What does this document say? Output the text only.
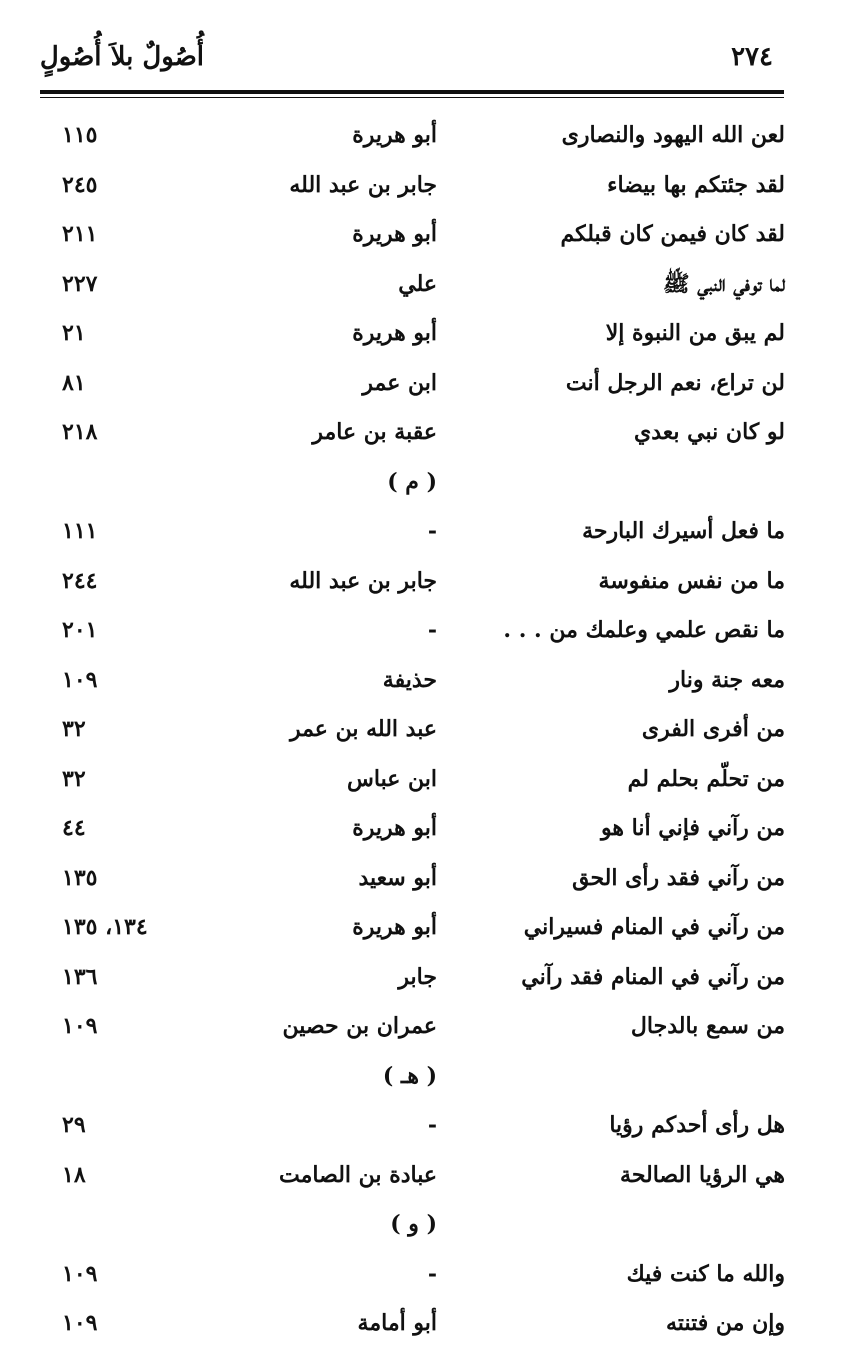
أُصُولٌ بلاَ أُصُولٍ	٢٧٤
لعن الله اليهود والنصارى
أبو هريرة
١١٥
لقد جئتكم بها بيضاء
جابر بن عبد الله
٢٤٥
لقد كان فيمن كان قبلكم
أبو هريرة
٢١١
لما توفي النبي ﷺ
علي
٢٢٧
لم يبق من النبوة إلا
أبو هريرة
٢١
لن تراع، نعم الرجل أنت
ابن عمر
٨١
لو كان نبي بعدي
عقبة بن عامر
٢١٨
( م )
ما فعل أسيرك البارحة
-
١١١
ما من نفس منفوسة
جابر بن عبد الله
٢٤٤
ما نقص علمي وعلمك من . . .
-
٢٠١
معه جنة ونار
حذيفة
١٠٩
من أفرى الفرى
عبد الله بن عمر
٣٢
من تحلّم بحلم لم
ابن عباس
٣٢
من رآني فإني أنا هو
أبو هريرة
٤٤
من رآني فقد رأى الحق
أبو سعيد
١٣٥
من رآني في المنام فسيراني
أبو هريرة
١٣٤، ١٣٥
من رآني في المنام فقد رآني
جابر
١٣٦
من سمع بالدجال
عمران بن حصين
١٠٩
( هـ )
هل رأى أحدكم رؤيا
-
٢٩
هي الرؤيا الصالحة
عبادة بن الصامت
١٨
( و )
والله ما كنت فيك
-
١٠٩
وإن من فتنته
أبو أمامة
١٠٩
